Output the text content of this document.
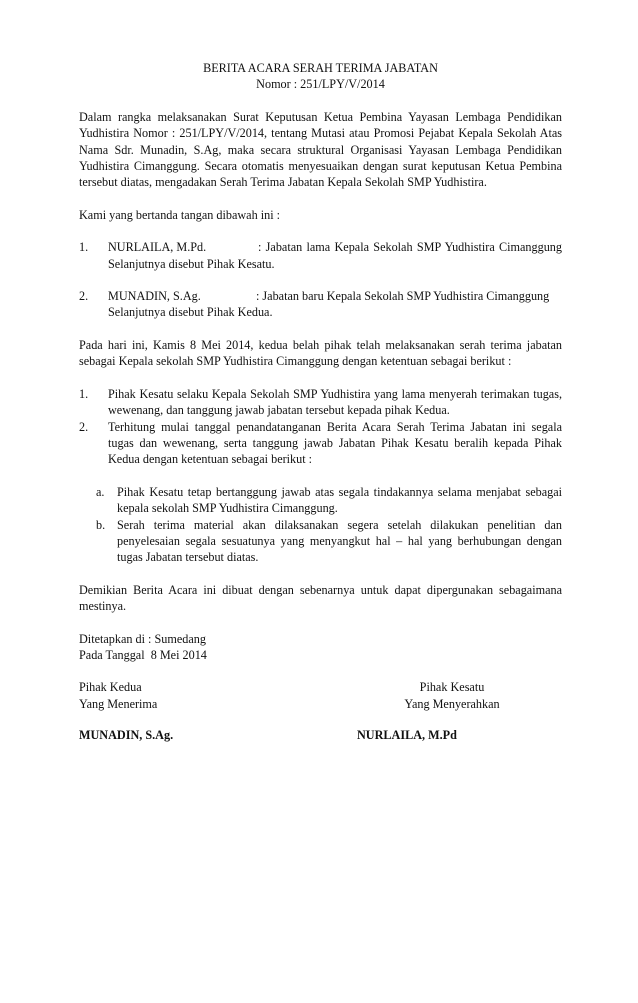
BERITA ACARA SERAH TERIMA JABATAN

Nomor : 251/LPY/V/2014

Dalam rangka melaksanakan Surat Keputusan Ketua Pembina Yayasan Lembaga Pendidikan Yudhistira Nomor : 251/LPY/V/2014, tentang Mutasi atau Promosi Pejabat Kepala Sekolah Atas Nama Sdr. Munadin, S.Ag, maka secara struktural Organisasi Yayasan Lembaga Pendidikan Yudhistira Cimanggung. Secara otomatis menyesuaikan dengan surat keputusan Ketua Pembina tersebut diatas, mengadakan Serah Terima Jabatan Kepala Sekolah SMP Yudhistira.

Kami yang bertanda tangan dibawah ini :

1. NURLAILA, M.Pd.	: Jabatan lama Kepala Sekolah SMP Yudhistira Cimanggung

Selanjutnya disebut Pihak Kesatu.

2. MUNADIN, S.Ag.	: Jabatan baru Kepala Sekolah SMP Yudhistira Cimanggung

Selanjutnya disebut Pihak Kedua.

Pada hari ini, Kamis 8 Mei 2014, kedua belah pihak telah melaksanakan serah terima jabatan sebagai Kepala sekolah SMP Yudhistira Cimanggung dengan ketentuan sebagai berikut :

1. Pihak Kesatu selaku Kepala Sekolah SMP Yudhistira yang lama menyerah terimakan tugas, wewenang, dan tanggung jawab jabatan tersebut kepada pihak Kedua.

2. Terhitung mulai tanggal penandatanganan Berita Acara Serah Terima Jabatan ini segala tugas dan wewenang, serta tanggung jawab Jabatan Pihak Kesatu beralih kepada Pihak Kedua dengan ketentuan sebagai berikut :

a. Pihak Kesatu tetap bertanggung jawab atas segala tindakannya selama menjabat sebagai kepala sekolah SMP Yudhistira Cimanggung.

b. Serah terima material akan dilaksanakan segera setelah dilakukan penelitian dan penyelesaian segala sesuatunya yang menyangkut hal – hal yang berhubungan dengan tugas Jabatan tersebut diatas.

Demikian Berita Acara ini dibuat dengan sebenarnya untuk dapat dipergunakan sebagaimana mestinya.

Ditetapkan di : Sumedang

Pada Tanggal  8 Mei 2014

Pihak Kedua

Yang Menerima

Pihak Kesatu

Yang Menyerahkan

MUNADIN, S.Ag.	NURLAILA, M.Pd
